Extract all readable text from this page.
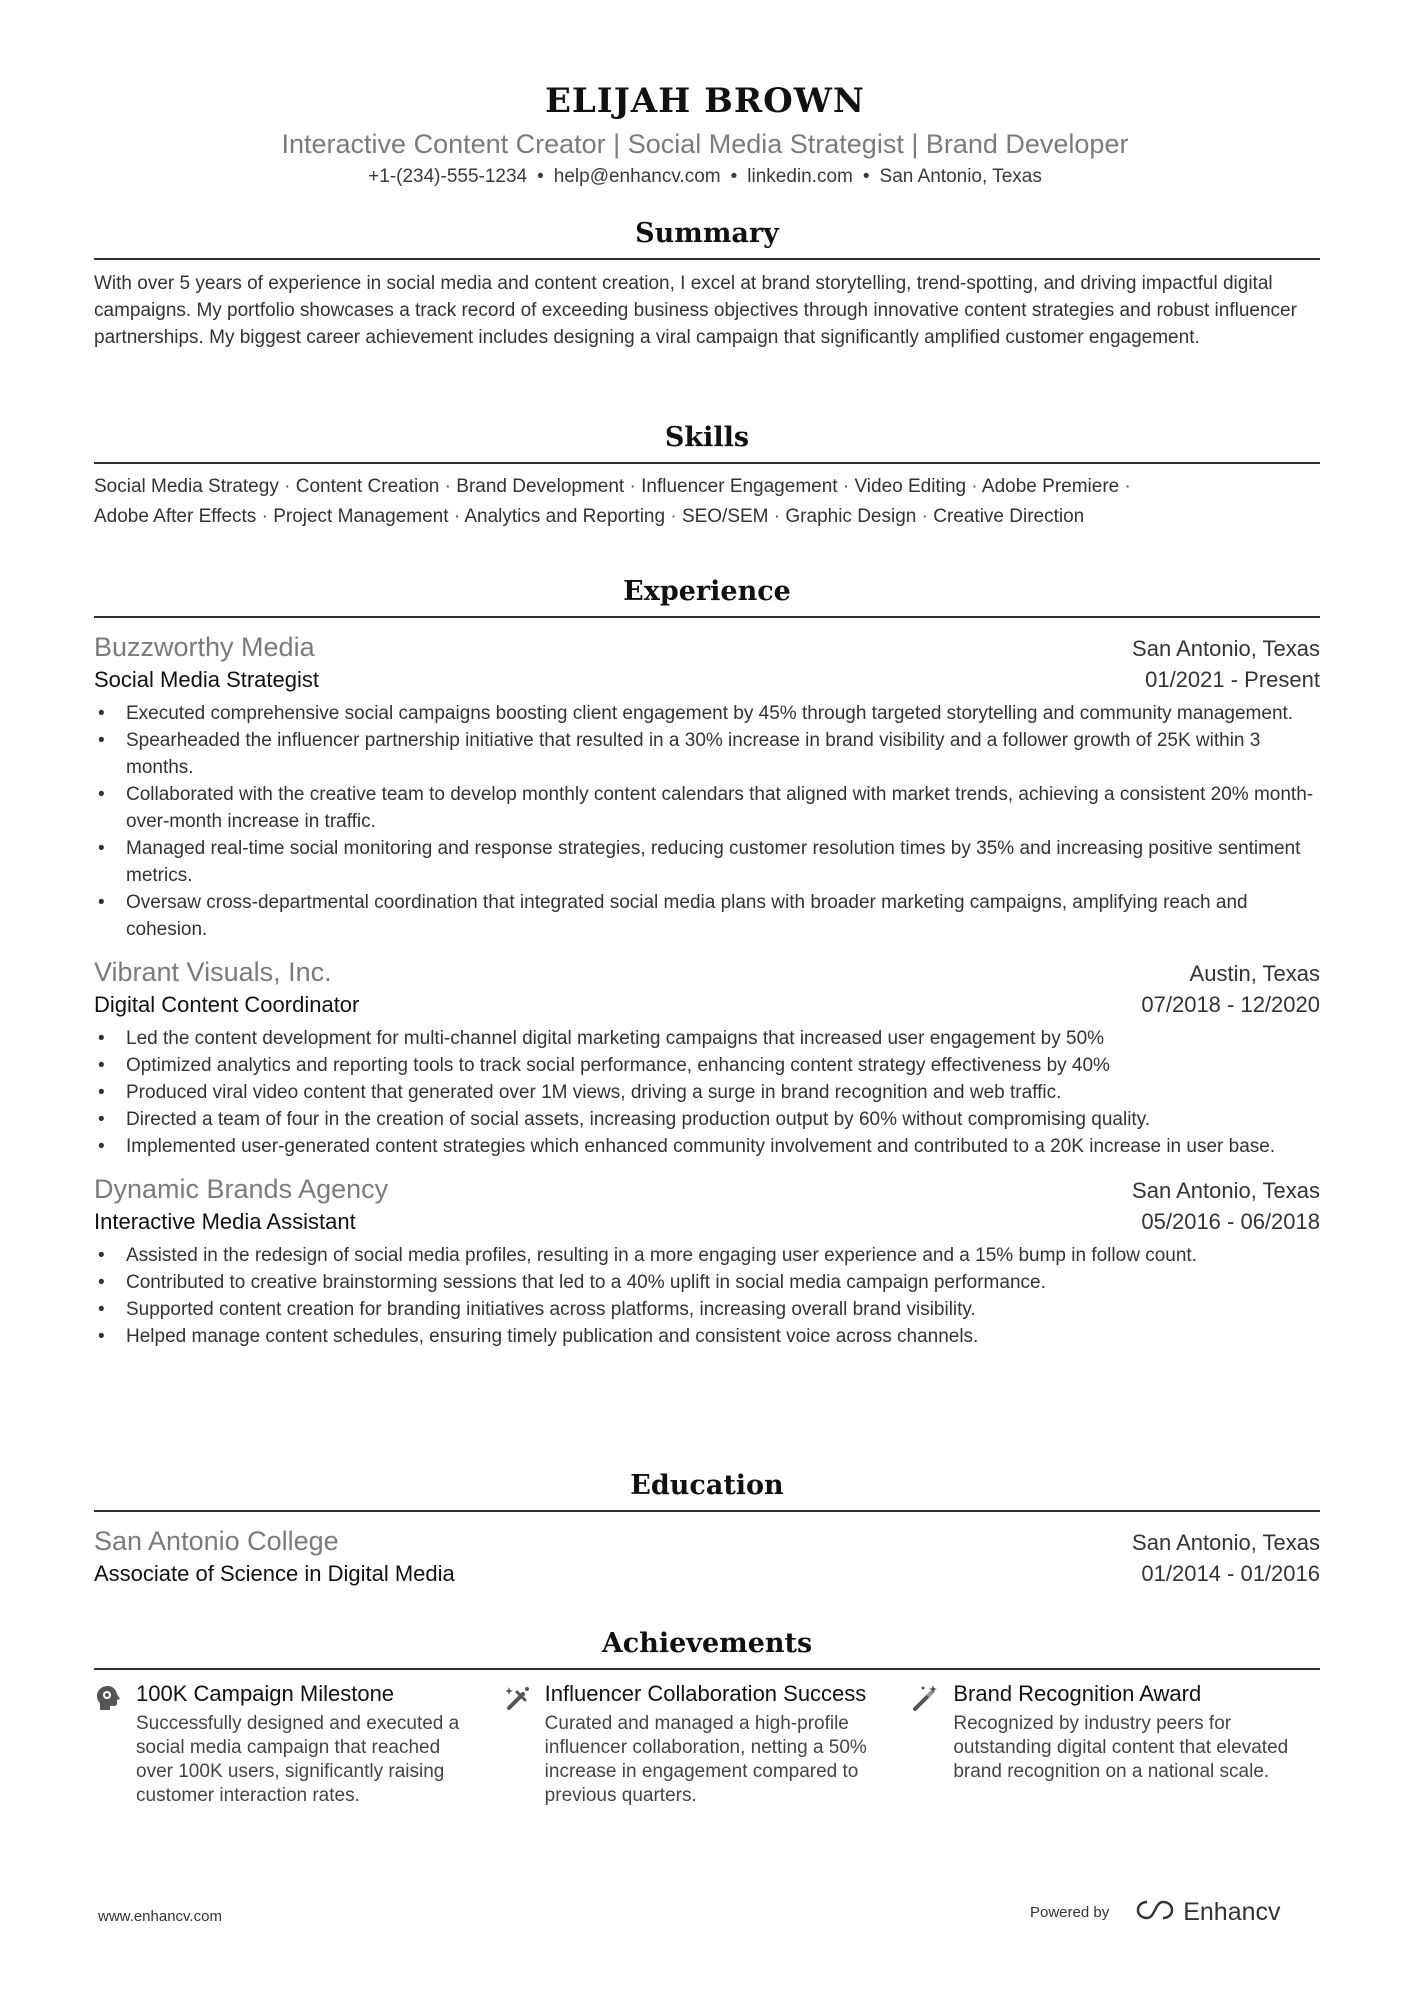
ELIJAH BROWN
Interactive Content Creator | Social Media Strategist | Brand Developer
+1-(234)-555-1234 • help@enhancv.com • linkedin.com • San Antonio, Texas
Summary
With over 5 years of experience in social media and content creation, I excel at brand storytelling, trend-spotting, and driving impactful digital campaigns. My portfolio showcases a track record of exceeding business objectives through innovative content strategies and robust influencer partnerships. My biggest career achievement includes designing a viral campaign that significantly amplified customer engagement.
Skills
Social Media Strategy · Content Creation · Brand Development · Influencer Engagement · Video Editing · Adobe Premiere ·
Adobe After Effects · Project Management · Analytics and Reporting · SEO/SEM · Graphic Design · Creative Direction
Experience
Buzzworthy Media	San Antonio, Texas
Social Media Strategist	01/2021 - Present
• Executed comprehensive social campaigns boosting client engagement by 45% through targeted storytelling and community management.
• Spearheaded the influencer partnership initiative that resulted in a 30% increase in brand visibility and a follower growth of 25K within 3 months.
• Collaborated with the creative team to develop monthly content calendars that aligned with market trends, achieving a consistent 20% month-over-month increase in traffic.
• Managed real-time social monitoring and response strategies, reducing customer resolution times by 35% and increasing positive sentiment metrics.
• Oversaw cross-departmental coordination that integrated social media plans with broader marketing campaigns, amplifying reach and cohesion.
Vibrant Visuals, Inc.	Austin, Texas
Digital Content Coordinator	07/2018 - 12/2020
• Led the content development for multi-channel digital marketing campaigns that increased user engagement by 50%
• Optimized analytics and reporting tools to track social performance, enhancing content strategy effectiveness by 40%
• Produced viral video content that generated over 1M views, driving a surge in brand recognition and web traffic.
• Directed a team of four in the creation of social assets, increasing production output by 60% without compromising quality.
• Implemented user-generated content strategies which enhanced community involvement and contributed to a 20K increase in user base.
Dynamic Brands Agency	San Antonio, Texas
Interactive Media Assistant	05/2016 - 06/2018
• Assisted in the redesign of social media profiles, resulting in a more engaging user experience and a 15% bump in follow count.
• Contributed to creative brainstorming sessions that led to a 40% uplift in social media campaign performance.
• Supported content creation for branding initiatives across platforms, increasing overall brand visibility.
• Helped manage content schedules, ensuring timely publication and consistent voice across channels.
Education
San Antonio College	San Antonio, Texas
Associate of Science in Digital Media	01/2014 - 01/2016
Achievements
100K Campaign Milestone
Successfully designed and executed a social media campaign that reached over 100K users, significantly raising customer interaction rates.
Influencer Collaboration Success
Curated and managed a high-profile influencer collaboration, netting a 50% increase in engagement compared to previous quarters.
Brand Recognition Award
Recognized by industry peers for outstanding digital content that elevated brand recognition on a national scale.
www.enhancv.com	Powered by	Enhancv
